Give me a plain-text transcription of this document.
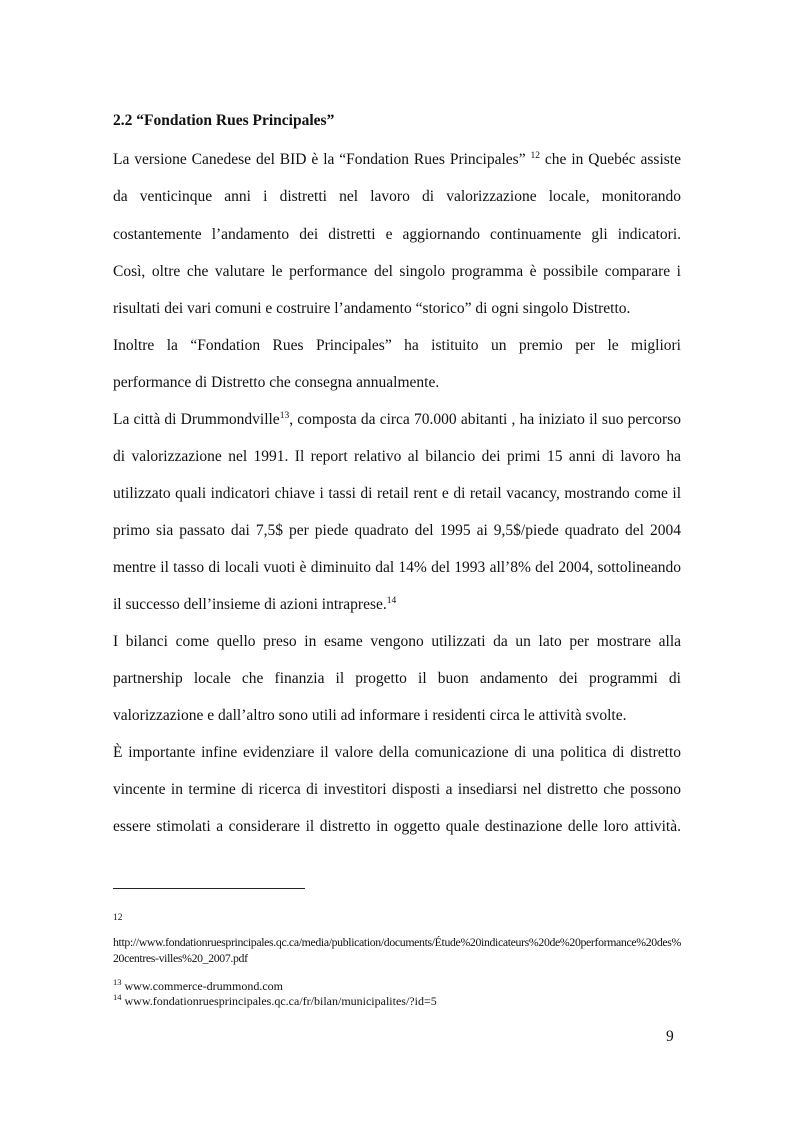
2.2 “Fondation Rues Principales”
La versione Canedese del BID è la “Fondation Rues Principales” $^{12}$ che in Quebéc assiste
da venticinque anni i distretti nel lavoro di valorizzazione locale, monitorando
costantemente l’andamento dei distretti e aggiornando continuamente gli indicatori.
Così, oltre che valutare le performance del singolo programma è possibile comparare i
risultati dei vari comuni e costruire l’andamento “storico” di ogni singolo Distretto.
Inoltre la “Fondation Rues Principales” ha istituito un premio per le migliori
performance di Distretto che consegna annualmente.
La città di Drummondville$^{13}$, composta da circa 70.000 abitanti , ha iniziato il suo percorso
di valorizzazione nel 1991. Il report relativo al bilancio dei primi 15 anni di lavoro ha
utilizzato quali indicatori chiave i tassi di retail rent e di retail vacancy, mostrando come il
primo sia passato dai 7,5$ per piede quadrato del 1995 ai 9,5$/piede quadrato del 2004
mentre il tasso di locali vuoti è diminuito dal 14% del 1993 all’8% del 2004, sottolineando
il successo dell’insieme di azioni intraprese.$^{14}$
I bilanci come quello preso in esame vengono utilizzati da un lato per mostrare alla
partnership locale che finanzia il progetto il buon andamento dei programmi di
valorizzazione e dall’altro sono utili ad informare i residenti circa le attività svolte.
È importante infine evidenziare il valore della comunicazione di una politica di distretto
vincente in termine di ricerca di investitori disposti a insediarsi nel distretto che possono
essere stimolati a considerare il distretto in oggetto quale destinazione delle loro attività.
12
http://www.fondationruesprincipales.qc.ca/media/publication/documents/Étude%20indicateurs%20de%20performance%20des%20centres-villes%20_2007.pdf
$^{13}$ www.commerce-drummond.com
$^{14}$ www.fondationruesprincipales.qc.ca/fr/bilan/municipalites/?id=5
9
